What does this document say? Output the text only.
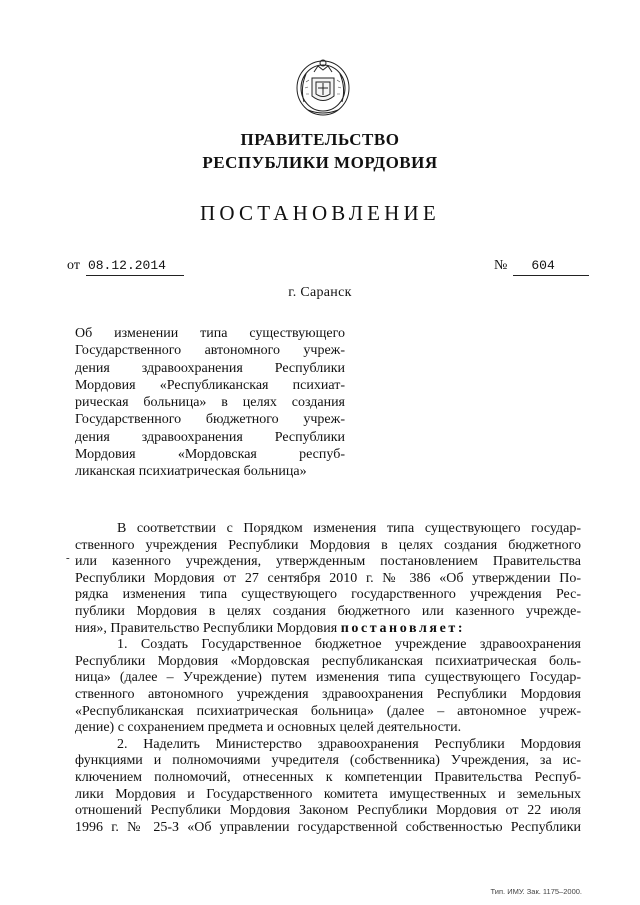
ПРАВИТЕЛЬСТВО
РЕСПУБЛИКИ МОРДОВИЯ
ПОСТАНОВЛЕНИЕ
от 08.12.2014	№ 604
г. Саранск
Об изменении типа существующего
Государственного автономного учреж-
дения здравоохранения Республики
Мордовия «Республиканская психиат-
рическая больница» в целях создания
Государственного бюджетного учреж-
дения здравоохранения Республики
Мордовия «Мордовская респуб-
ликанская психиатрическая больница»
-
В соответствии с Порядком изменения типа существующего государ-
ственного учреждения Республики Мордовия в целях создания бюджетного
или казенного учреждения, утвержденным постановлением Правительства
Республики Мордовия от 27 сентября 2010 г. № 386 «Об утверждении По-
рядка изменения типа существующего государственного учреждения Рес-
публики Мордовия в целях создания бюджетного или казенного учрежде-
ния», Правительство Республики Мордовия постановляет:
1. Создать Государственное бюджетное учреждение здравоохранения
Республики Мордовия «Мордовская республиканская психиатрическая боль-
ница» (далее – Учреждение) путем изменения типа существующего Государ-
ственного автономного учреждения здравоохранения Республики Мордовия
«Республиканская психиатрическая больница» (далее – автономное учреж-
дение) с сохранением предмета и основных целей деятельности.
2. Наделить Министерство здравоохранения Республики Мордовия
функциями и полномочиями учредителя (собственника) Учреждения, за ис-
ключением полномочий, отнесенных к компетенции Правительства Респуб-
лики Мордовия и Государственного комитета имущественных и земельных
отношений Республики Мордовия Законом Республики Мордовия от 22 июля
1996 г. № 25-З «Об управлении государственной собственностью Республики
Тип. ИМУ. Зак. 1175–2000.
